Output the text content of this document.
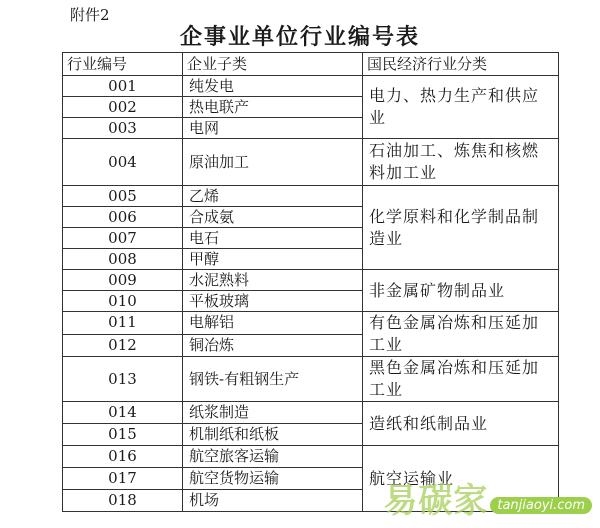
附件2
企事业单位行业编号表
行业编号	企业子类	国民经济行业分类
001	纯发电	电力、热力生产和供应业
002	热电联产	
003	电网	
004	原油加工	石油加工、炼焦和核燃料加工业
005	乙烯	化学原料和化学制品制造业
006	合成氨	
007	电石	
008	甲醇	
009	水泥熟料	非金属矿物制品业
010	平板玻璃	
011	电解铝	有色金属冶炼和压延加工业
012	铜冶炼	
013	钢铁-有粗钢生产	黑色金属冶炼和压延加工业
014	纸浆制造	造纸和纸制品业
015	机制纸和纸板	
016	航空旅客运输	航空运输业
017	航空货物运输	
018	机场		易碳家 tanjiaoyi.com
